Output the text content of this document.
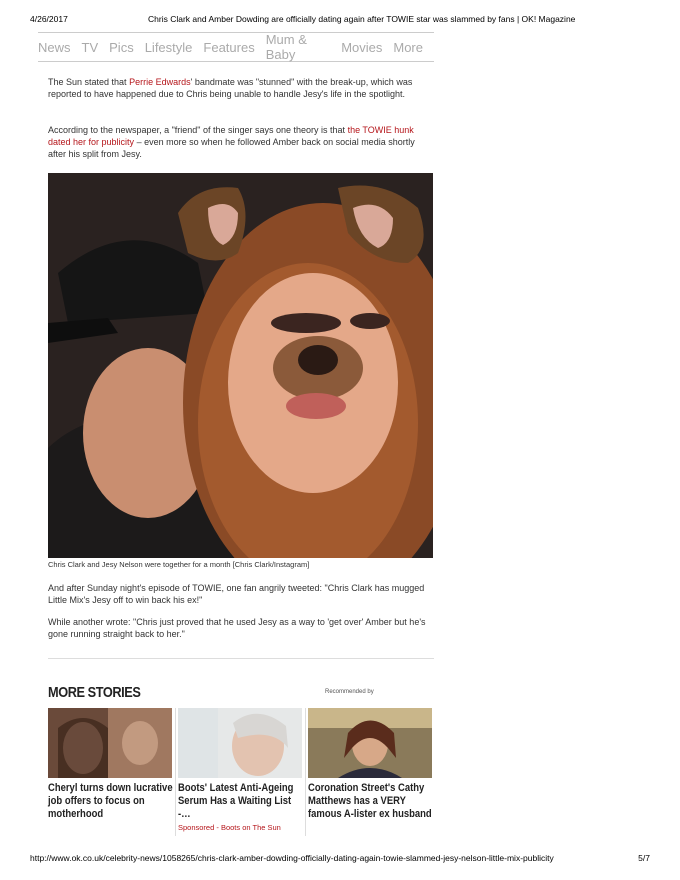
4/26/2017	Chris Clark and Amber Dowding are officially dating again after TOWIE star was slammed by fans | OK! Magazine
News TV Pics Lifestyle Features Mum & Baby	Movies More

The Sun stated that Perrie Edwards' bandmate was "stunned" with the break-up, which was reported to have happened due to Chris being unable to handle Jesy's life in the spotlight.

According to the newspaper, a "friend" of the singer says one theory is that the TOWIE hunk dated her for publicity – even more so when he followed Amber back on social media shortly after his split from Jesy.

Chris Clark and Jesy Nelson were together for a month [Chris Clark/Instagram]

And after Sunday night's episode of TOWIE, one fan angrily tweeted: "Chris Clark has mugged Little Mix's Jesy off to win back his ex!"

While another wrote: "Chris just proved that he used Jesy as a way to 'get over' Amber but he's gone running straight back to her."

MORE STORIES	Recommended by
Cheryl turns down lucrative job offers to focus on motherhood
Boots' Latest Anti-Ageing Serum Has a Waiting List -…
Sponsored - Boots on The Sun
Coronation Street's Cathy Matthews has a VERY famous A-lister ex husband
http://www.ok.co.uk/celebrity-news/1058265/chris-clark-amber-dowding-officially-dating-again-towie-slammed-jesy-nelson-little-mix-publicity	5/7
